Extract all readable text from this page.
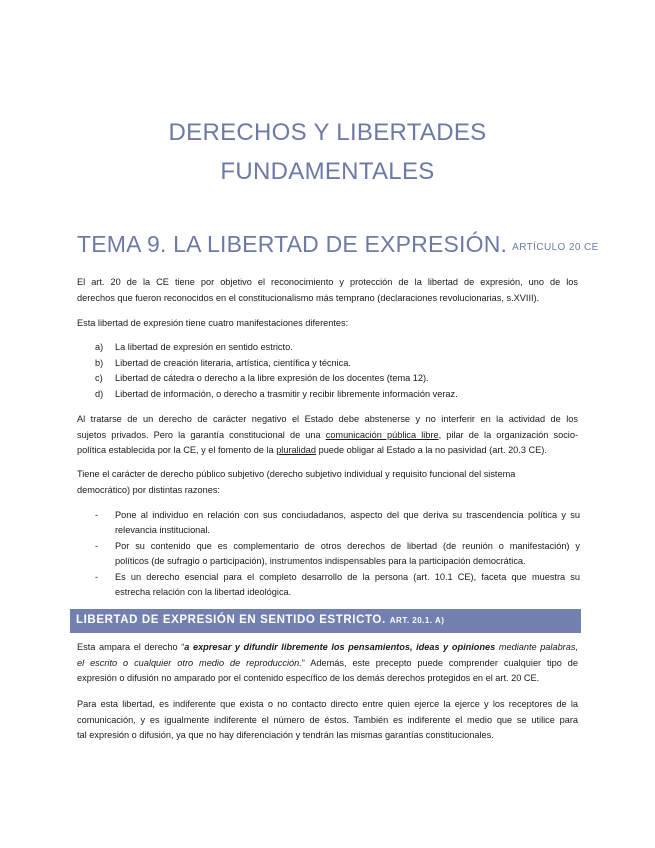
DERECHOS Y LIBERTADES
FUNDAMENTALES
TEMA 9. LA LIBERTAD DE EXPRESIÓN. ARTÍCULO 20 CE
El art. 20 de la CE tiene por objetivo el reconocimiento y protección de la libertad de expresión, uno de los
derechos que fueron reconocidos en el constitucionalismo más temprano (declaraciones revolucionarias, s.XVIII).
Esta libertad de expresión tiene cuatro manifestaciones diferentes:
a) La libertad de expresión en sentido estricto.
b) Libertad de creación literaria, artística, científica y técnica.
c) Libertad de cátedra o derecho a la libre expresión de los docentes (tema 12).
d) Libertad de información, o derecho a trasmitir y recibir libremente información veraz.
Al tratarse de un derecho de carácter negativo el Estado debe abstenerse y no interferir en la actividad de los
sujetos privados. Pero la garantía constitucional de una comunicación pública libre, pilar de la organización socio-
política establecida por la CE, y el fomento de la pluralidad puede obligar al Estado a la no pasividad (art. 20.3 CE).
Tiene el carácter de derecho público subjetivo (derecho subjetivo individual y requisito funcional del sistema
democrático) por distintas razones:
- Pone al individuo en relación con sus conciudadanos, aspecto del que deriva su trascendencia política y su
relevancia institucional.
- Por su contenido que es complementario de otros derechos de libertad (de reunión o manifestación) y
políticos (de sufragio o participación), instrumentos indispensables para la participación democrática.
- Es un derecho esencial para el completo desarrollo de la persona (art. 10.1 CE), faceta que muestra su
estrecha relación con la libertad ideológica.
LIBERTAD DE EXPRESIÓN EN SENTIDO ESTRICTO. ART. 20.1. A)
Esta ampara el derecho “a expresar y difundir libremente los pensamientos, ideas y opiniones mediante palabras,
el escrito o cualquier otro medio de reproducción.” Además, este precepto puede comprender cualquier tipo de
expresión o difusión no amparado por el contenido específico de los demás derechos protegidos en el art. 20 CE.
Para esta libertad, es indiferente que exista o no contacto directo entre quien ejerce la ejerce y los receptores de la
comunicación, y es igualmente indiferente el número de éstos. También es indiferente el medio que se utilice para
tal expresión o difusión, ya que no hay diferenciación y tendrán las mismas garantías constitucionales.
